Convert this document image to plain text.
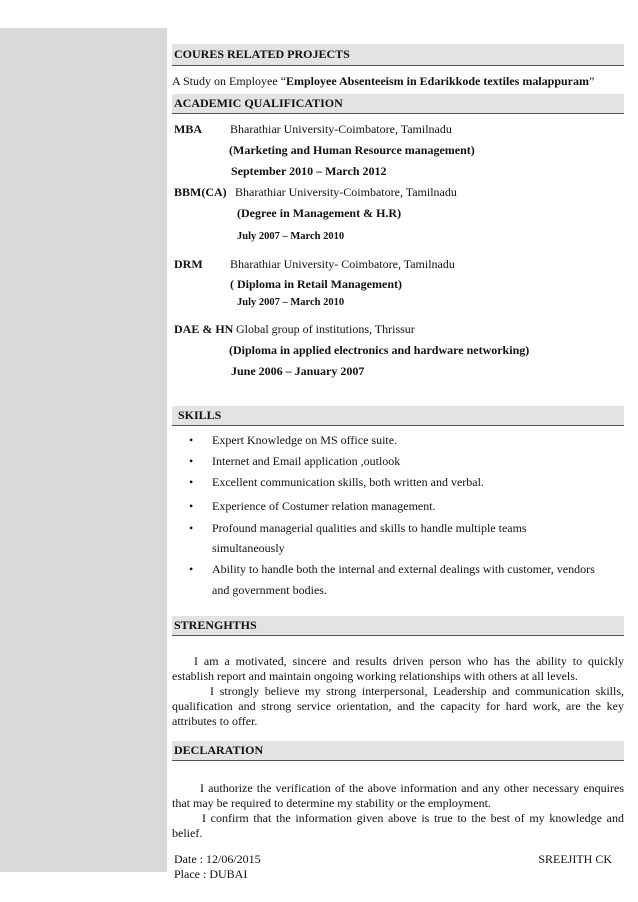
COURES RELATED PROJECTS
A Study on Employee “Employee Absenteeism in Edarikkode textiles malappuram”
ACADEMIC QUALIFICATION
MBA Bharathiar University-Coimbatore, Tamilnadu
(Marketing and Human Resource management)
September 2010 – March 2012
BBM(CA) Bharathiar University-Coimbatore, Tamilnadu
(Degree in Management & H.R)
July 2007 – March 2010
DRM Bharathiar University- Coimbatore, Tamilnadu
( Diploma in Retail Management)
July 2007 – March 2010
DAE & HN Global group of institutions, Thrissur
(Diploma in applied electronics and hardware networking)
June 2006 – January 2007
SKILLS
• Expert Knowledge on MS office suite.
• Internet and Email application ,outlook
• Excellent communication skills, both written and verbal.
• Experience of Costumer relation management.
• Profound managerial qualities and skills to handle multiple teams
simultaneously
• Ability to handle both the internal and external dealings with customer, vendors
and government bodies.
STRENGHTHS
I am a motivated, sincere and results driven person who has the ability to quickly establish report and maintain ongoing working relationships with others at all levels.
I strongly believe my strong interpersonal, Leadership and communication skills, qualification and strong service orientation, and the capacity for hard work, are the key attributes to offer.
DECLARATION
I authorize the verification of the above information and any other necessary enquires that may be required to determine my stability or the employment.
I confirm that the information given above is true to the best of my knowledge and belief.
Date : 12/06/2015
Place : DUBAI
SREEJITH CK
